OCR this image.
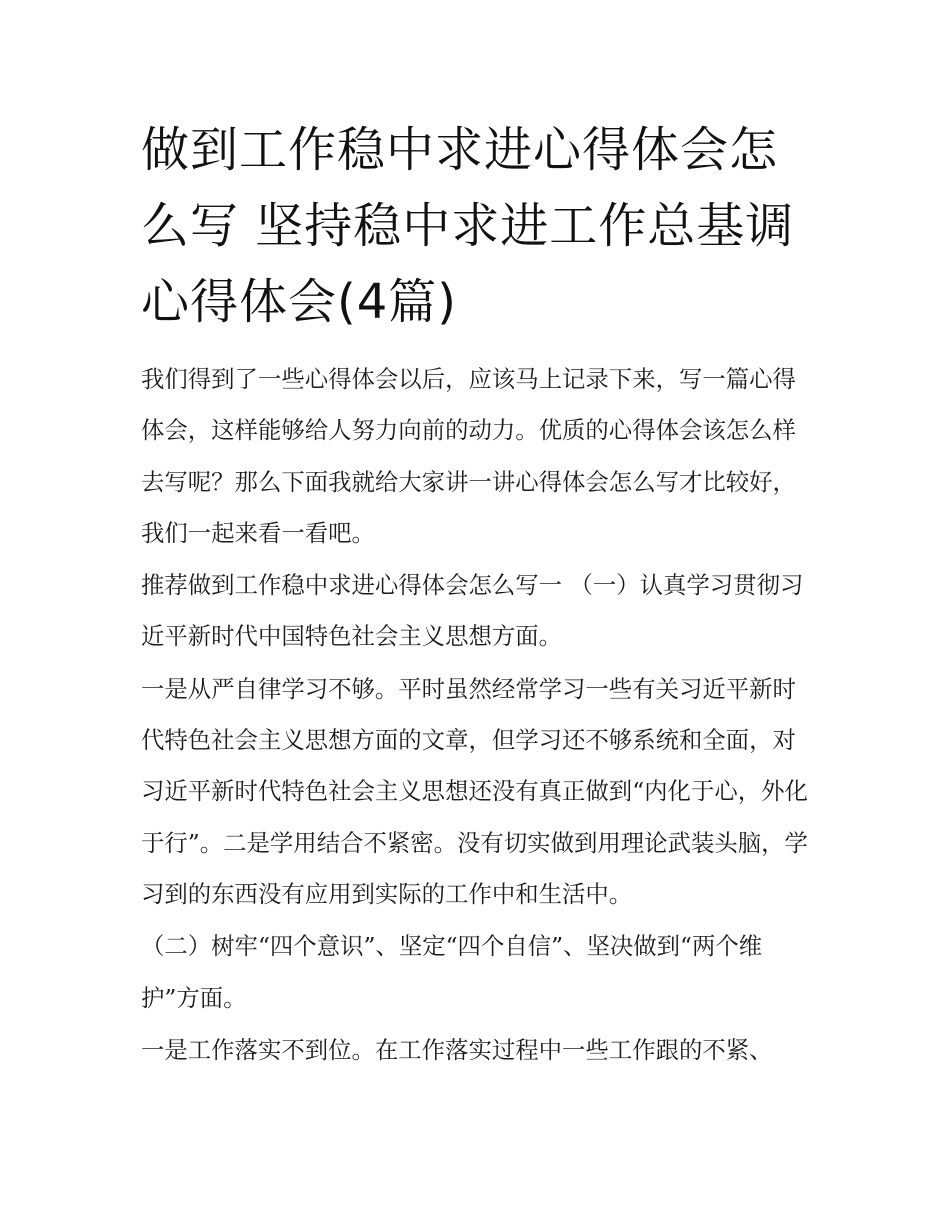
做到工作稳中求进心得体会怎么写 坚持稳中求进工作总基调心得体会(4篇)

我们得到了一些心得体会以后，应该马上记录下来，写一篇心得体会，这样能够给人努力向前的动力。优质的心得体会该怎么样去写呢？那么下面我就给大家讲一讲心得体会怎么写才比较好，我们一起来看一看吧。

推荐做到工作稳中求进心得体会怎么写一 （一）认真学习贯彻习近平新时代中国特色社会主义思想方面。

一是从严自律学习不够。平时虽然经常学习一些有关习近平新时代特色社会主义思想方面的文章，但学习还不够系统和全面，对习近平新时代特色社会主义思想还没有真正做到“内化于心，外化于行”。二是学用结合不紧密。没有切实做到用理论武装头脑，学习到的东西没有应用到实际的工作中和生活中。

（二）树牢“四个意识”、坚定“四个自信”、坚决做到“两个维护”方面。

一是工作落实不到位。在工作落实过程中一些工作跟的不紧、
